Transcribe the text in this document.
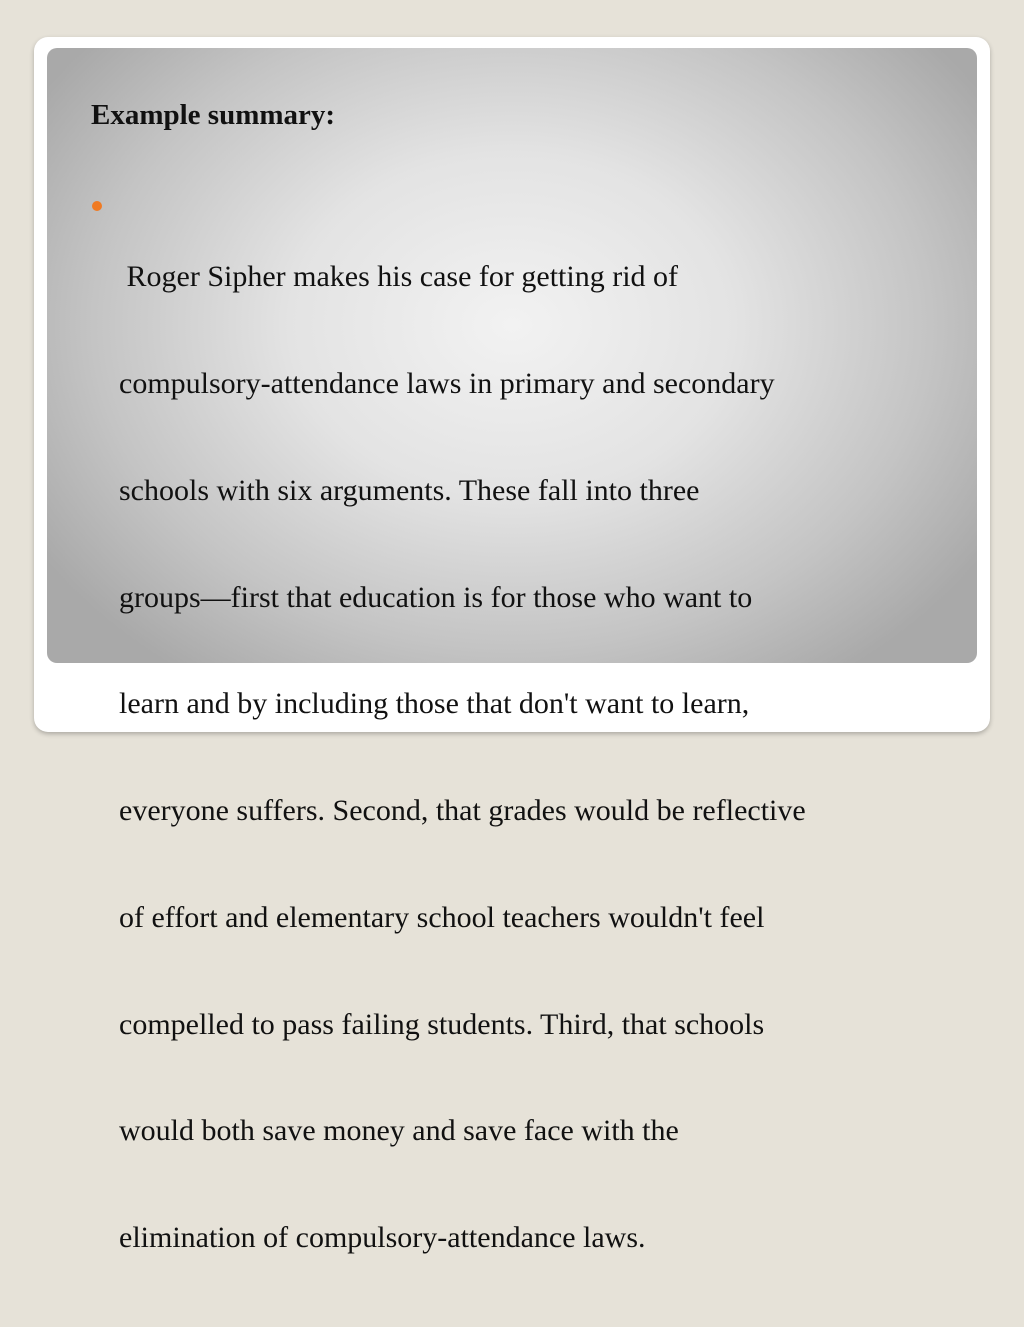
Example summary:

Roger Sipher makes his case for getting rid of

compulsory-attendance laws in primary and secondary

schools with six arguments. These fall into three

groups—first that education is for those who want to

learn and by including those that don't want to learn,

everyone suffers. Second, that grades would be reflective

of effort and elementary school teachers wouldn't feel

compelled to pass failing students. Third, that schools

would both save money and save face with the

elimination of compulsory-attendance laws.
